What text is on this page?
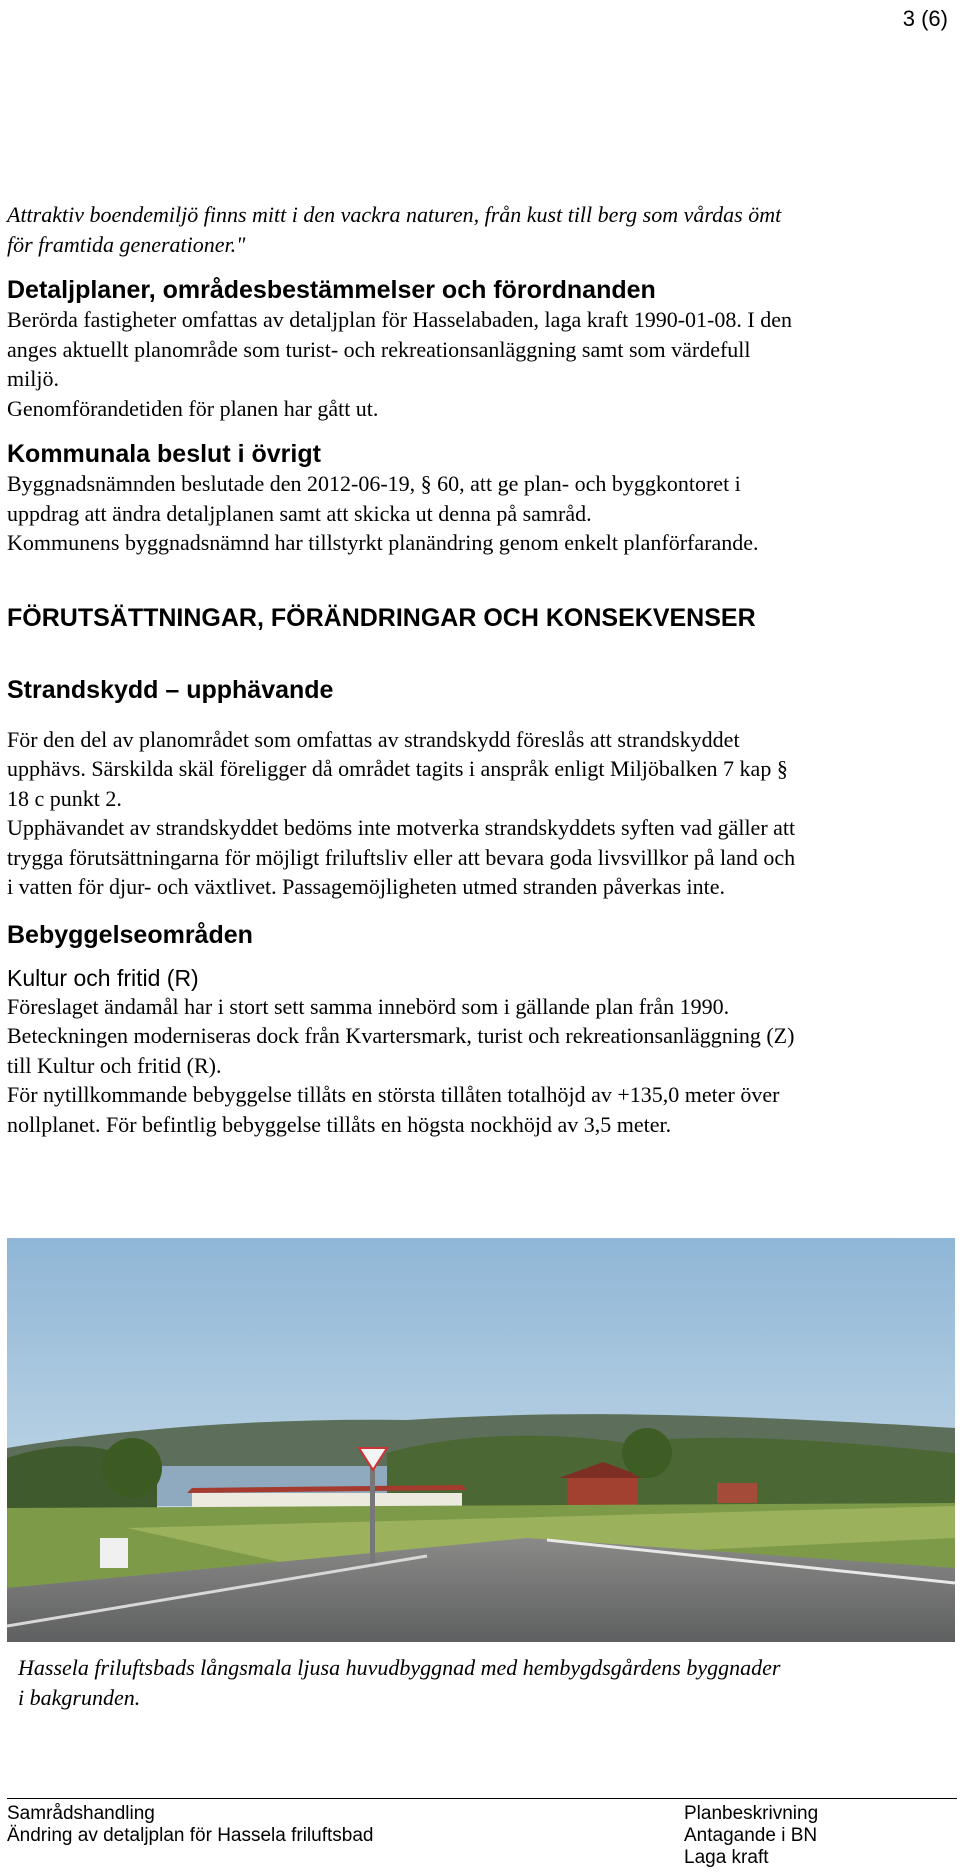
3 (6)

Attraktiv boendemiljö finns mitt i den vackra naturen, från kust till berg som vårdas ömt

för framtida generationer."

Detaljplaner, områdesbestämmelser och förordnanden

Berörda fastigheter omfattas av detaljplan för Hasselabaden, laga kraft 1990-01-08. I den

anges aktuellt planområde som turist- och rekreationsanläggning samt som värdefull

miljö.

Genomförandetiden för planen har gått ut.

Kommunala beslut i övrigt

Byggnadsnämnden beslutade den 2012-06-19, § 60, att ge plan- och byggkontoret i

uppdrag att ändra detaljplanen samt att skicka ut denna på samråd.

Kommunens byggnadsnämnd har tillstyrkt planändring genom enkelt planförfarande.

FÖRUTSÄTTNINGAR, FÖRÄNDRINGAR OCH KONSEKVENSER

Strandskydd – upphävande

För den del av planområdet som omfattas av strandskydd föreslås att strandskyddet

upphävs. Särskilda skäl föreligger då området tagits i anspråk enligt Miljöbalken 7 kap §

18 c punkt 2.

Upphävandet av strandskyddet bedöms inte motverka strandskyddets syften vad gäller att

trygga förutsättningarna för möjligt friluftsliv eller att bevara goda livsvillkor på land och

i vatten för djur- och växtlivet. Passagemöjligheten utmed stranden påverkas inte.

Bebyggelseområden

Kultur och fritid (R)

Föreslaget ändamål har i stort sett samma innebörd som i gällande plan från 1990.

Beteckningen moderniseras dock från Kvartersmark, turist och rekreationsanläggning (Z)

till Kultur och fritid (R).

För nytillkommande bebyggelse tillåts en största tillåten totalhöjd av +135,0 meter över

nollplanet. För befintlig bebyggelse tillåts en högsta nockhöjd av 3,5 meter.

Hassela friluftsbads långsmala ljusa huvudbyggnad med hembygdsgårdens byggnader

i bakgrunden.

Samrådshandling
Ändring av detaljplan för Hassela friluftsbad
Planbeskrivning
Antagande i BN
Laga kraft
